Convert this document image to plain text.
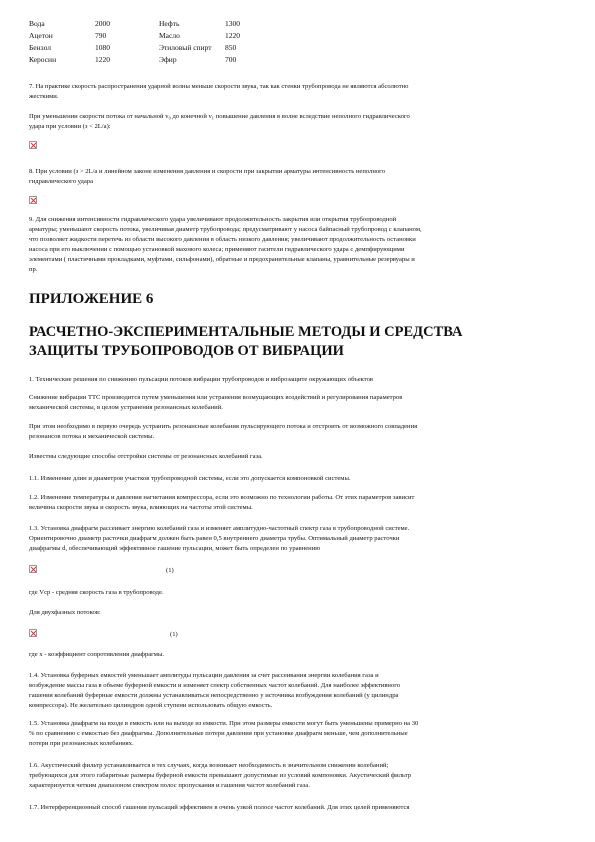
Вода	2000	Нефть	1300
Ацетон	790	Масло	1220
Бензол	1080	Этиловый спирт	850
Керосин	1220	Эфир	700
7. На практике скорость распространения ударной волны меньше скорости звука, так как стенки трубопровода не являются абсолютно
жесткими.
При уменьшении скорости потока от начальной v₀ до конечной v₁ повышение давления в волне вследствие неполного гидравлического
удара при условии (з < 2L/a):
8. При условии (з > 2L/a и линейном законе изменения давления и скорости при закрытии арматуры интенсивность неполного
гидравлического удара
9. Для снижения интенсивности гидравлического удара увеличивают продолжительность закрытия или открытия трубопроводной
арматуры; уменьшают скорость потока, увеличивая диаметр трубопровода; предусматривают у насоса байпасный трубопровод с клапаном,
что позволяет жидкости перетечь из области высокого давления в область низкого давления; увеличивают продолжительность остановки
насоса при его выключении с помощью установкой махового колеса; применяют гасители гидравлического удара с демпфирующими
элементами ( пластичными прокладками, муфтами, сильфонами), обратные и предохранительные клапаны, уравнительные резервуары и
пр.
ПРИЛОЖЕНИЕ 6
РАСЧЕТНО-ЭКСПЕРИМЕНТАЛЬНЫЕ МЕТОДЫ И СРЕДСТВА
ЗАЩИТЫ ТРУБОПРОВОДОВ ОТ ВИБРАЦИИ
1. Технические решения по снижению пульсации потоков вибрации трубопроводов и виброзащите окружающих объектов
Снижение вибрации ТТС производится путем уменьшения или устранения возмущающих воздействий и регулирования параметров
механической системы, в целом устранения резонансных колебаний.
При этом необходимо в первую очередь устранить резонансные колебания пульсирующего потока и отстроить от возможного совпадения
резонансов потока и механической системы.
Известны следующие способы отстройки системы от резонансных колебаний газа.
1.1. Изменение длин и диаметров участков трубопроводной системы, если это допускается компоновкой системы.
1.2. Изменение температуры и давления нагнетания компрессора, если это возможно по технологии работы. От этих параметров зависит
величина скорости звука и скорость звука, влияющих на частоты этой системы.
1.3. Установка диафрагм рассеивает энергию колебаний газа и изменяет амплитудно-частотный спектр газа в трубопроводной системе.
Ориентировочно диаметр расточки диафрагм должен быть равен 0,5 внутреннего диаметра трубы. Оптимальный диаметр расточки
диафрагмы d, обеспечивающий эффективное гашение пульсации, может быть определен по уравнению
(1)
где Vср - средняя скорость газа в трубопроводе.
Для двухфазных потоков:
(1)
где x - коэффициент сопротивления диафрагмы.
1.4. Установка буферных емкостей уменьшает амплитуды пульсации давления за счет рассеивания энергии колебания газа и
возбуждение массы газа в объеме буферной емкости и изменяет спектр собственных частот колебаний. Для наиболее эффективного
гашения колебаний буферные емкости должны устанавливаться непосредственно у источника возбуждения колебаний (у цилиндра
компрессора). Не желательно цилиндров одной ступени использовать общую емкость.
1.5. Установка диафрагм на входе в емкость или на выходе из емкости. При этом размеры емкости могут быть уменьшены примерно на 30
% по сравнению с емкостью без диафрагмы. Дополнительные потери давления при установке диафрагм меньше, чем дополнительные
потери при резонансных колебаниях.
1.6. Акустический фильтр устанавливается в тех случаях, когда возникает необходимость в значительном снижении колебаний;
требующихся для этого габаритные размеры буферной емкости превышают допустимые из условий компоновки. Акустический фильтр
характеризуется четким диапазоном спектром полос пропускания и гашения частот колебаний газа.
1.7. Интерференционный способ гашения пульсаций эффективен в очень узкой полосе частот колебаний. Для этих целей применяются
